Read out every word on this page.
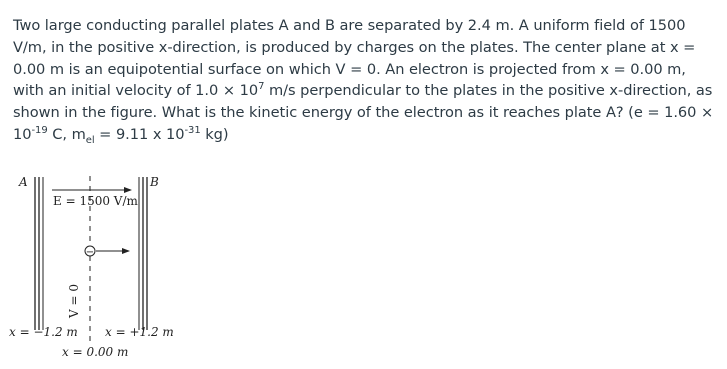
Two large conducting parallel plates A and B are separated by 2.4 m. A uniform field of 1500 V/m, in the positive x-direction, is produced by charges on the plates. The center plane at x = 0.00 m is an equipotential surface on which V = 0. An electron is projected from x = 0.00 m, with an initial velocity of $1.0 \times 10^7$ m/s perpendicular to the plates in the positive x-direction, as shown in the figure. What is the kinetic energy of the electron as it reaches plate A? ($e = 1.60 \times 10^{-19}$ C, $m_{el} = 9.11$ x $10^{-31}$ kg)
A	B
E = 1500 V/m
−
V = 0
x = −1.2 m x = +1.2 m
x = 0.00 m
